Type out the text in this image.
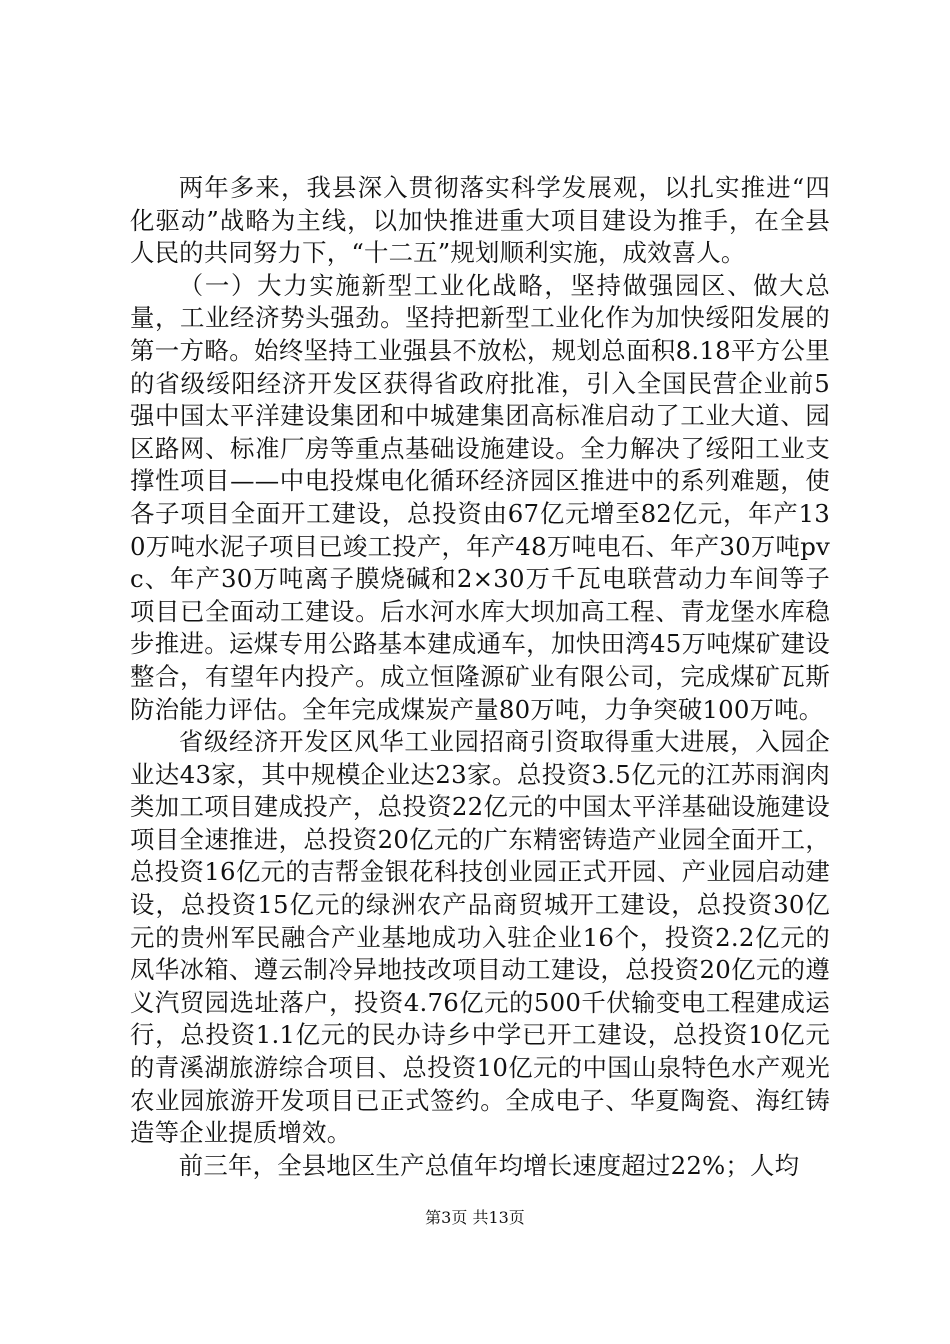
两年多来，我县深入贯彻落实科学发展观，以扎实推进“四化驱动”战略为主线，以加快推进重大项目建设为推手，在全县人民的共同努力下，“十二五”规划顺利实施，成效喜人。

（一）大力实施新型工业化战略，坚持做强园区、做大总量，工业经济势头强劲。坚持把新型工业化作为加快绥阳发展的第一方略。始终坚持工业强县不放松，规划总面积8.18平方公里的省级绥阳经济开发区获得省政府批准，引入全国民营企业前5强中国太平洋建设集团和中城建集团高标准启动了工业大道、园区路网、标准厂房等重点基础设施建设。全力解决了绥阳工业支撑性项目——中电投煤电化循环经济园区推进中的系列难题，使各子项目全面开工建设，总投资由67亿元增至82亿元，年产130万吨水泥子项目已竣工投产，年产48万吨电石、年产30万吨pvc、年产30万吨离子膜烧碱和2×30万千瓦电联营动力车间等子项目已全面动工建设。后水河水库大坝加高工程、青龙堡水库稳步推进。运煤专用公路基本建成通车，加快田湾45万吨煤矿建设整合，有望年内投产。成立恒隆源矿业有限公司，完成煤矿瓦斯防治能力评估。全年完成煤炭产量80万吨，力争突破100万吨。

省级经济开发区风华工业园招商引资取得重大进展，入园企业达43家，其中规模企业达23家。总投资3.5亿元的江苏雨润肉类加工项目建成投产，总投资22亿元的中国太平洋基础设施建设项目全速推进，总投资20亿元的广东精密铸造产业园全面开工，总投资16亿元的吉帮金银花科技创业园正式开园、产业园启动建设，总投资15亿元的绿洲农产品商贸城开工建设，总投资30亿元的贵州军民融合产业基地成功入驻企业16个，投资2.2亿元的凤华冰箱、遵云制冷异地技改项目动工建设，总投资20亿元的遵义汽贸园选址落户，投资4.76亿元的500千伏输变电工程建成运行，总投资1.1亿元的民办诗乡中学已开工建设，总投资10亿元的青溪湖旅游综合项目、总投资10亿元的中国山泉特色水产观光农业园旅游开发项目已正式签约。全成电子、华夏陶瓷、海红铸造等企业提质增效。

前三年，全县地区生产总值年均增长速度超过22%；人均

第3页 共13页
